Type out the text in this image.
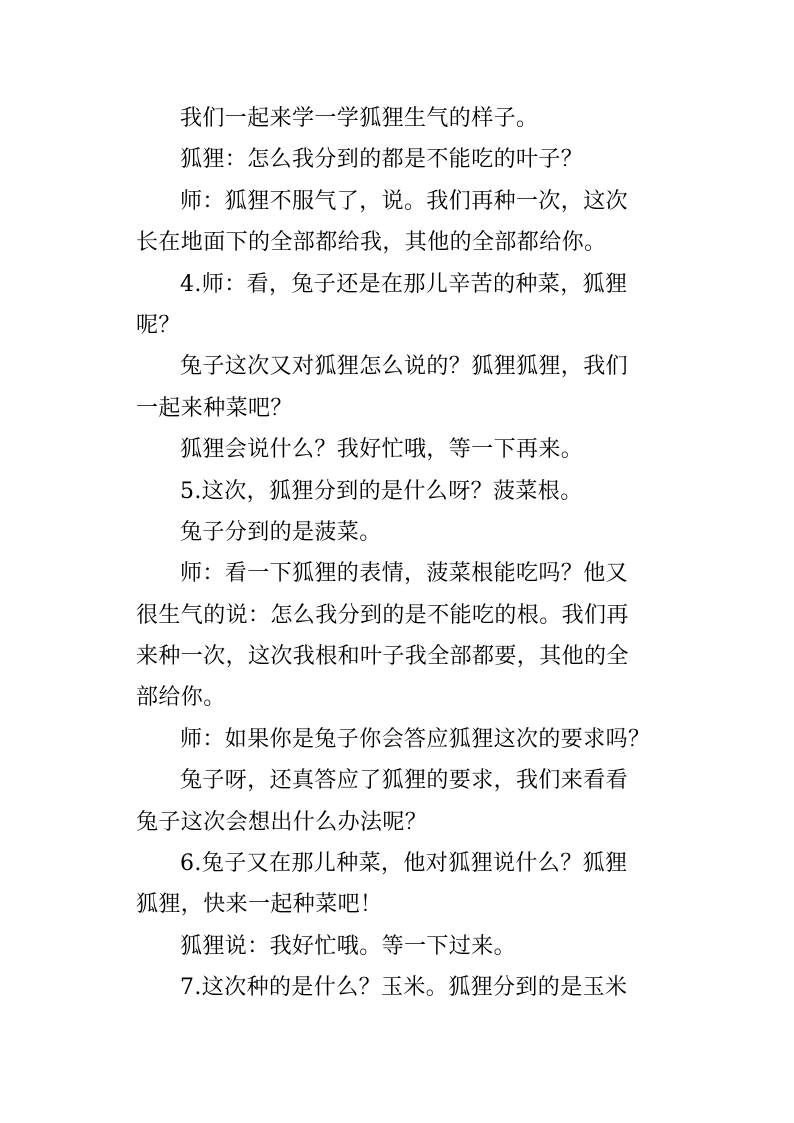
我们一起来学一学狐狸生气的样子。
狐狸：怎么我分到的都是不能吃的叶子？
师：狐狸不服气了，说。我们再种一次，这次
长在地面下的全部都给我，其他的全部都给你。
4.师：看，兔子还是在那儿辛苦的种菜，狐狸
呢？
兔子这次又对狐狸怎么说的？狐狸狐狸，我们
一起来种菜吧？
狐狸会说什么？我好忙哦，等一下再来。
5.这次，狐狸分到的是什么呀？菠菜根。
兔子分到的是菠菜。
师：看一下狐狸的表情，菠菜根能吃吗？他又
很生气的说：怎么我分到的是不能吃的根。我们再
来种一次，这次我根和叶子我全部都要，其他的全
部给你。
师：如果你是兔子你会答应狐狸这次的要求吗？
兔子呀，还真答应了狐狸的要求，我们来看看
兔子这次会想出什么办法呢？
6.兔子又在那儿种菜，他对狐狸说什么？狐狸
狐狸，快来一起种菜吧！
狐狸说：我好忙哦。等一下过来。
7.这次种的是什么？玉米。狐狸分到的是玉米
